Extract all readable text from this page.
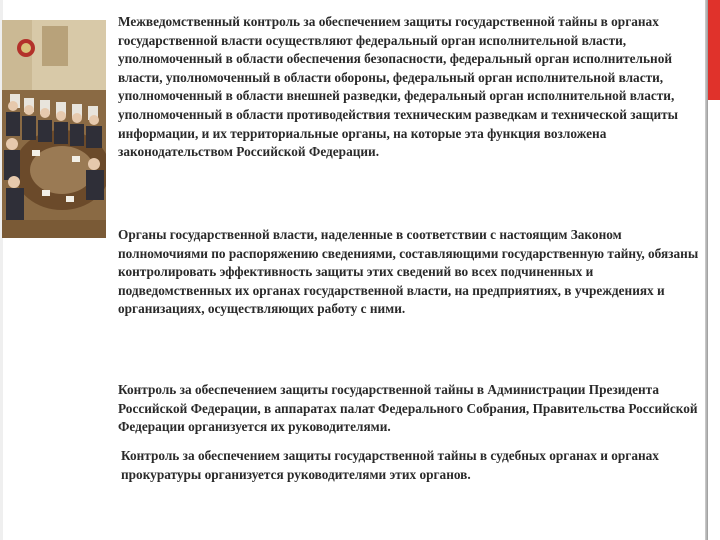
Межведомственный контроль за обеспечением защиты государственной тайны в органах государственной власти осуществляют федеральный орган исполнительной власти, уполномоченный в области обеспечения безопасности, федеральный орган исполнительной власти, уполномоченный в области обороны, федеральный орган исполнительной власти, уполномоченный в области внешней разведки, федеральный орган исполнительной власти, уполномоченный в области противодействия техническим разведкам и технической защиты информации, и их территориальные органы, на которые эта функция возложена законодательством Российской Федерации.

Органы государственной власти, наделенные в соответствии с настоящим Законом полномочиями по распоряжению сведениями, составляющими государственную тайну, обязаны контролировать эффективность защиты этих сведений во всех подчиненных и подведомственных их органах государственной власти, на предприятиях, в учреждениях и организациях, осуществляющих работу с ними.

Контроль за обеспечением защиты государственной тайны в Администрации Президента Российской Федерации, в аппаратах палат Федерального Собрания, Правительства Российской Федерации организуется их руководителями.

Контроль за обеспечением защиты государственной тайны в судебных органах и органах прокуратуры организуется руководителями этих органов.
